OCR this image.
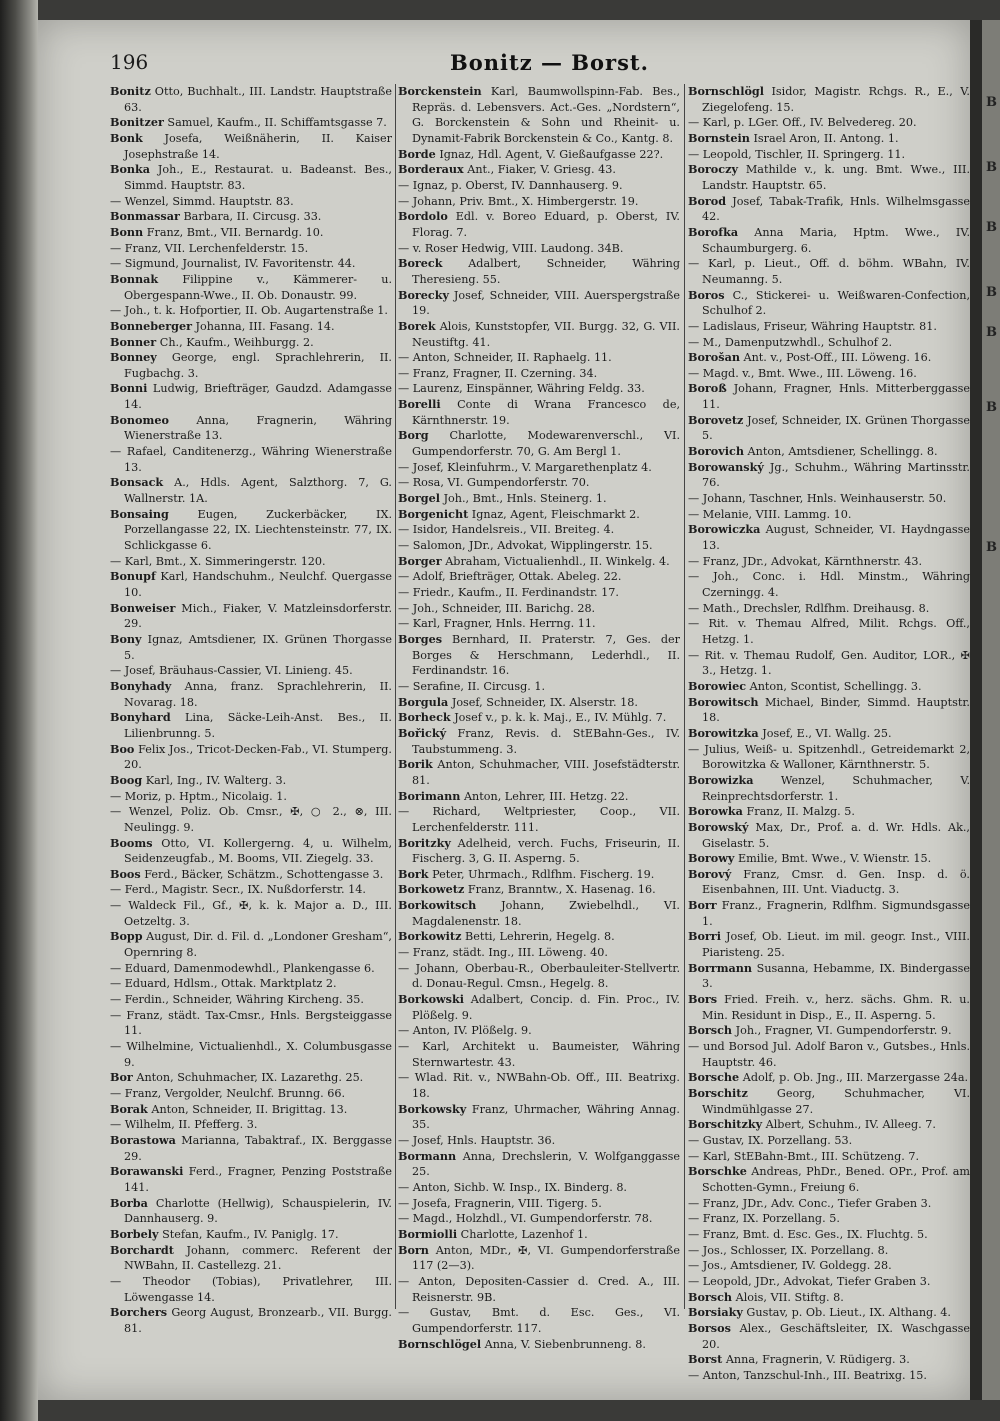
B
B
B
B
B
B
B
196	Bonitz — Borst.

Bonitz Otto, Buchhalt., III. Landstr. Hauptstraße 63.

Bonitzer Samuel, Kaufm., II. Schiffamtsgasse 7.

Bonk Josefa, Weißnäherin, II. Kaiser Josephstraße 14.

Bonka Joh., E., Restaurat. u. Badeanst. Bes., Simmd. Hauptstr. 83.

— Wenzel, Simmd. Hauptstr. 83.

Bonmassar Barbara, II. Circusg. 33.

Bonn Franz, Bmt., VII. Bernardg. 10.

— Franz, VII. Lerchenfelderstr. 15.

— Sigmund, Journalist, IV. Favoritenstr. 44.

Bonnak Filippine v., Kämmerer- u. Obergespann-Wwe., II. Ob. Donaustr. 99.

— Joh., t. k. Hofportier, II. Ob. Augartenstraße 1.

Bonneberger Johanna, III. Fasang. 14.

Bonner Ch., Kaufm., Weihburgg. 2.

Bonney George, engl. Sprachlehrerin, II. Fugbachg. 3.

Bonni Ludwig, Briefträger, Gaudzd. Adamgasse 14.

Bonomeo Anna, Fragnerin, Währing Wienerstraße 13.

— Rafael, Canditenerzg., Währing Wienerstraße 13.

Bonsack A., Hdls. Agent, Salzthorg. 7, G. Wallnerstr. 1A.

Bonsaing Eugen, Zuckerbäcker, IX. Porzellangasse 22, IX. Liechtensteinstr. 77, IX. Schlickgasse 6.

— Karl, Bmt., X. Simmeringerstr. 120.

Bonupf Karl, Handschuhm., Neulchf. Quergasse 10.

Bonweiser Mich., Fiaker, V. Matzleinsdorferstr. 29.

Bony Ignaz, Amtsdiener, IX. Grünen Thorgasse 5.

— Josef, Bräuhaus-Cassier, VI. Linieng. 45.

Bonyhady Anna, franz. Sprachlehrerin, II. Novarag. 18.

Bonyhard Lina, Säcke-Leih-Anst. Bes., II. Lilienbrunng. 5.

Boo Felix Jos., Tricot-Decken-Fab., VI. Stumperg. 20.

Boog Karl, Ing., IV. Walterg. 3.

— Moriz, p. Hptm., Nicolaig. 1.

— Wenzel, Poliz. Ob. Cmsr., ✠, ○ 2., ⊗, III. Neulingg. 9.

Booms Otto, VI. Kollergerng. 4, u. Wilhelm, Seidenzeugfab., M. Booms, VII. Ziegelg. 33.

Boos Ferd., Bäcker, Schätzm., Schottengasse 3.

— Ferd., Magistr. Secr., IX. Nußdorferstr. 14.

— Waldeck Fil., Gf., ✠, k. k. Major a. D., III. Oetzeltg. 3.

Bopp August, Dir. d. Fil. d. „Londoner Gresham“, Opernring 8.

— Eduard, Damenmodewhdl., Plankengasse 6.

— Eduard, Hdlsm., Ottak. Marktplatz 2.

— Ferdin., Schneider, Währing Kircheng. 35.

— Franz, städt. Tax-Cmsr., Hnls. Bergsteiggasse 11.

— Wilhelmine, Victualienhdl., X. Columbusgasse 9.

Bor Anton, Schuhmacher, IX. Lazarethg. 25.

— Franz, Vergolder, Neulchf. Brunng. 66.

Borak Anton, Schneider, II. Brigittag. 13.

— Wilhelm, II. Pfefferg. 3.

Borastowa Marianna, Tabaktraf., IX. Berggasse 29.

Borawanski Ferd., Fragner, Penzing Poststraße 141.

Borba Charlotte (Hellwig), Schauspielerin, IV. Dannhauserg. 9.

Borbely Stefan, Kaufm., IV. Paniglg. 17.

Borchardt Johann, commerc. Referent der NWBahn, II. Castellezg. 21.

— Theodor (Tobias), Privatlehrer, III. Löwengasse 14.

Borchers Georg August, Bronzearb., VII. Burgg. 81.

Borckenstein Karl, Baumwollspinn-Fab. Bes., Repräs. d. Lebensvers. Act.-Ges. „Nordstern“, G. Borckenstein & Sohn und Rheinit- u. Dynamit-Fabrik Borckenstein & Co., Kantg. 8.

Borde Ignaz, Hdl. Agent, V. Gießaufgasse 22?.

Borderaux Ant., Fiaker, V. Griesg. 43.

— Ignaz, p. Oberst, IV. Dannhauserg. 9.

— Johann, Priv. Bmt., X. Himbergerstr. 19.

Bordolo Edl. v. Boreo Eduard, p. Oberst, IV. Florag. 7.

— v. Roser Hedwig, VIII. Laudong. 34B.

Boreck Adalbert, Schneider, Währing Theresieng. 55.

Borecky Josef, Schneider, VIII. Auerspergstraße 19.

Borek Alois, Kunststopfer, VII. Burgg. 32, G. VII. Neustiftg. 41.

— Anton, Schneider, II. Raphaelg. 11.

— Franz, Fragner, II. Czerning. 34.

— Laurenz, Einspänner, Währing Feldg. 33.

Borelli Conte di Wrana Francesco de, Kärnthnerstr. 19.

Borg Charlotte, Modewarenverschl., VI. Gumpendorferstr. 70, G. Am Bergl 1.

— Josef, Kleinfuhrm., V. Margarethenplatz 4.

— Rosa, VI. Gumpendorferstr. 70.

Borgel Joh., Bmt., Hnls. Steinerg. 1.

Borgenicht Ignaz, Agent, Fleischmarkt 2.

— Isidor, Handelsreis., VII. Breiteg. 4.

— Salomon, JDr., Advokat, Wipplingerstr. 15.

Borger Abraham, Victualienhdl., II. Winkelg. 4.

— Adolf, Briefträger, Ottak. Abeleg. 22.

— Friedr., Kaufm., II. Ferdinandstr. 17.

— Joh., Schneider, III. Barichg. 28.

— Karl, Fragner, Hnls. Herrng. 11.

Borges Bernhard, II. Praterstr. 7, Ges. der Borges & Herschmann, Lederhdl., II. Ferdinandstr. 16.

— Serafine, II. Circusg. 1.

Borgula Josef, Schneider, IX. Alserstr. 18.

Borheck Josef v., p. k. k. Maj., E., IV. Mühlg. 7.

Bořický Franz, Revis. d. StEBahn-Ges., IV. Taubstummeng. 3.

Borik Anton, Schuhmacher, VIII. Josefstädterstr. 81.

Borimann Anton, Lehrer, III. Hetzg. 22.

— Richard, Weltpriester, Coop., VII. Lerchenfelderstr. 111.

Boritzky Adelheid, verch. Fuchs, Friseurin, II. Fischerg. 3, G. II. Asperng. 5.

Bork Peter, Uhrmach., Rdlfhm. Fischerg. 19.

Borkowetz Franz, Branntw., X. Hasenag. 16.

Borkowitsch Johann, Zwiebelhdl., VI. Magdalenenstr. 18.

Borkowitz Betti, Lehrerin, Hegelg. 8.

— Franz, städt. Ing., III. Löweng. 40.

— Johann, Oberbau-R., Oberbauleiter-Stellvertr. d. Donau-Regul. Cmsn., Hegelg. 8.

Borkowski Adalbert, Concip. d. Fin. Proc., IV. Plößelg. 9.

— Anton, IV. Plößelg. 9.

— Karl, Architekt u. Baumeister, Währing Sternwartestr. 43.

— Wlad. Rit. v., NWBahn-Ob. Off., III. Beatrixg. 18.

Borkowsky Franz, Uhrmacher, Währing Annag. 35.

— Josef, Hnls. Hauptstr. 36.

Bormann Anna, Drechslerin, V. Wolfganggasse 25.

— Anton, Sichb. W. Insp., IX. Binderg. 8.

— Josefa, Fragnerin, VIII. Tigerg. 5.

— Magd., Holzhdl., VI. Gumpendorferstr. 78.

Bormiolli Charlotte, Lazenhof 1.

Born Anton, MDr., ✠, VI. Gumpendorferstraße 117 (2—3).

— Anton, Depositen-Cassier d. Cred. A., III. Reisnerstr. 9B.

— Gustav, Bmt. d. Esc. Ges., VI. Gumpendorferstr. 117.

Bornschlögel Anna, V. Siebenbrunneng. 8.

Bornschlögl Isidor, Magistr. Rchgs. R., E., V. Ziegelofeng. 15.

— Karl, p. LGer. Off., IV. Belvedereg. 20.

Bornstein Israel Aron, II. Antong. 1.

— Leopold, Tischler, II. Springerg. 11.

Boroczy Mathilde v., k. ung. Bmt. Wwe., III. Landstr. Hauptstr. 65.

Borod Josef, Tabak-Trafik, Hnls. Wilhelmsgasse 42.

Borofka Anna Maria, Hptm. Wwe., IV. Schaumburgerg. 6.

— Karl, p. Lieut., Off. d. böhm. WBahn, IV. Neumanng. 5.

Boros C., Stickerei- u. Weißwaren-Confection, Schulhof 2.

— Ladislaus, Friseur, Währing Hauptstr. 81.

— M., Damenputzwhdl., Schulhof 2.

Borošan Ant. v., Post-Off., III. Löweng. 16.

— Magd. v., Bmt. Wwe., III. Löweng. 16.

Boroß Johann, Fragner, Hnls. Mitterberggasse 11.

Borovetz Josef, Schneider, IX. Grünen Thorgasse 5.

Borovich Anton, Amtsdiener, Schellingg. 8.

Borowanský Jg., Schuhm., Währing Martinsstr. 76.

— Johann, Taschner, Hnls. Weinhauserstr. 50.

— Melanie, VIII. Lammg. 10.

Borowiczka August, Schneider, VI. Haydngasse 13.

— Franz, JDr., Advokat, Kärnthnerstr. 43.

— Joh., Conc. i. Hdl. Minstm., Währing Czerningg. 4.

— Math., Drechsler, Rdlfhm. Dreihausg. 8.

— Rit. v. Themau Alfred, Milit. Rchgs. Off., Hetzg. 1.

— Rit. v. Themau Rudolf, Gen. Auditor, LOR., ✠ 3., Hetzg. 1.

Borowiec Anton, Scontist, Schellingg. 3.

Borowitsch Michael, Binder, Simmd. Hauptstr. 18.

Borowitzka Josef, E., VI. Wallg. 25.

— Julius, Weiß- u. Spitzenhdl., Getreidemarkt 2, Borowitzka & Walloner, Kärnthnerstr. 5.

Borowizka Wenzel, Schuhmacher, V. Reinprechtsdorferstr. 1.

Borowka Franz, II. Malzg. 5.

Borowský Max, Dr., Prof. a. d. Wr. Hdls. Ak., Giselastr. 5.

Borowy Emilie, Bmt. Wwe., V. Wienstr. 15.

Borový Franz, Cmsr. d. Gen. Insp. d. ö. Eisenbahnen, III. Unt. Viaductg. 3.

Borr Franz., Fragnerin, Rdlfhm. Sigmundsgasse 1.

Borri Josef, Ob. Lieut. im mil. geogr. Inst., VIII. Piaristeng. 25.

Borrmann Susanna, Hebamme, IX. Bindergasse 3.

Bors Fried. Freih. v., herz. sächs. Ghm. R. u. Min. Residunt in Disp., E., II. Asperng. 5.

Borsch Joh., Fragner, VI. Gumpendorferstr. 9.

— und Borsod Jul. Adolf Baron v., Gutsbes., Hnls. Hauptstr. 46.

Borsche Adolf, p. Ob. Jng., III. Marzergasse 24a.

Borschitz Georg, Schuhmacher, VI. Windmühlgasse 27.

Borschitzky Albert, Schuhm., IV. Alleeg. 7.

— Gustav, IX. Porzellang. 53.

— Karl, StEBahn-Bmt., III. Schützeng. 7.

Borschke Andreas, PhDr., Bened. OPr., Prof. am Schotten-Gymn., Freiung 6.

— Franz, JDr., Adv. Conc., Tiefer Graben 3.

— Franz, IX. Porzellang. 5.

— Franz, Bmt. d. Esc. Ges., IX. Fluchtg. 5.

— Jos., Schlosser, IX. Porzellang. 8.

— Jos., Amtsdiener, IV. Goldegg. 28.

— Leopold, JDr., Advokat, Tiefer Graben 3.

Borsch Alois, VII. Stiftg. 8.

Borsiaky Gustav, p. Ob. Lieut., IX. Althang. 4.

Borsos Alex., Geschäftsleiter, IX. Waschgasse 20.

Borst Anna, Fragnerin, V. Rüdigerg. 3.

— Anton, Tanzschul-Inh., III. Beatrixg. 15.
